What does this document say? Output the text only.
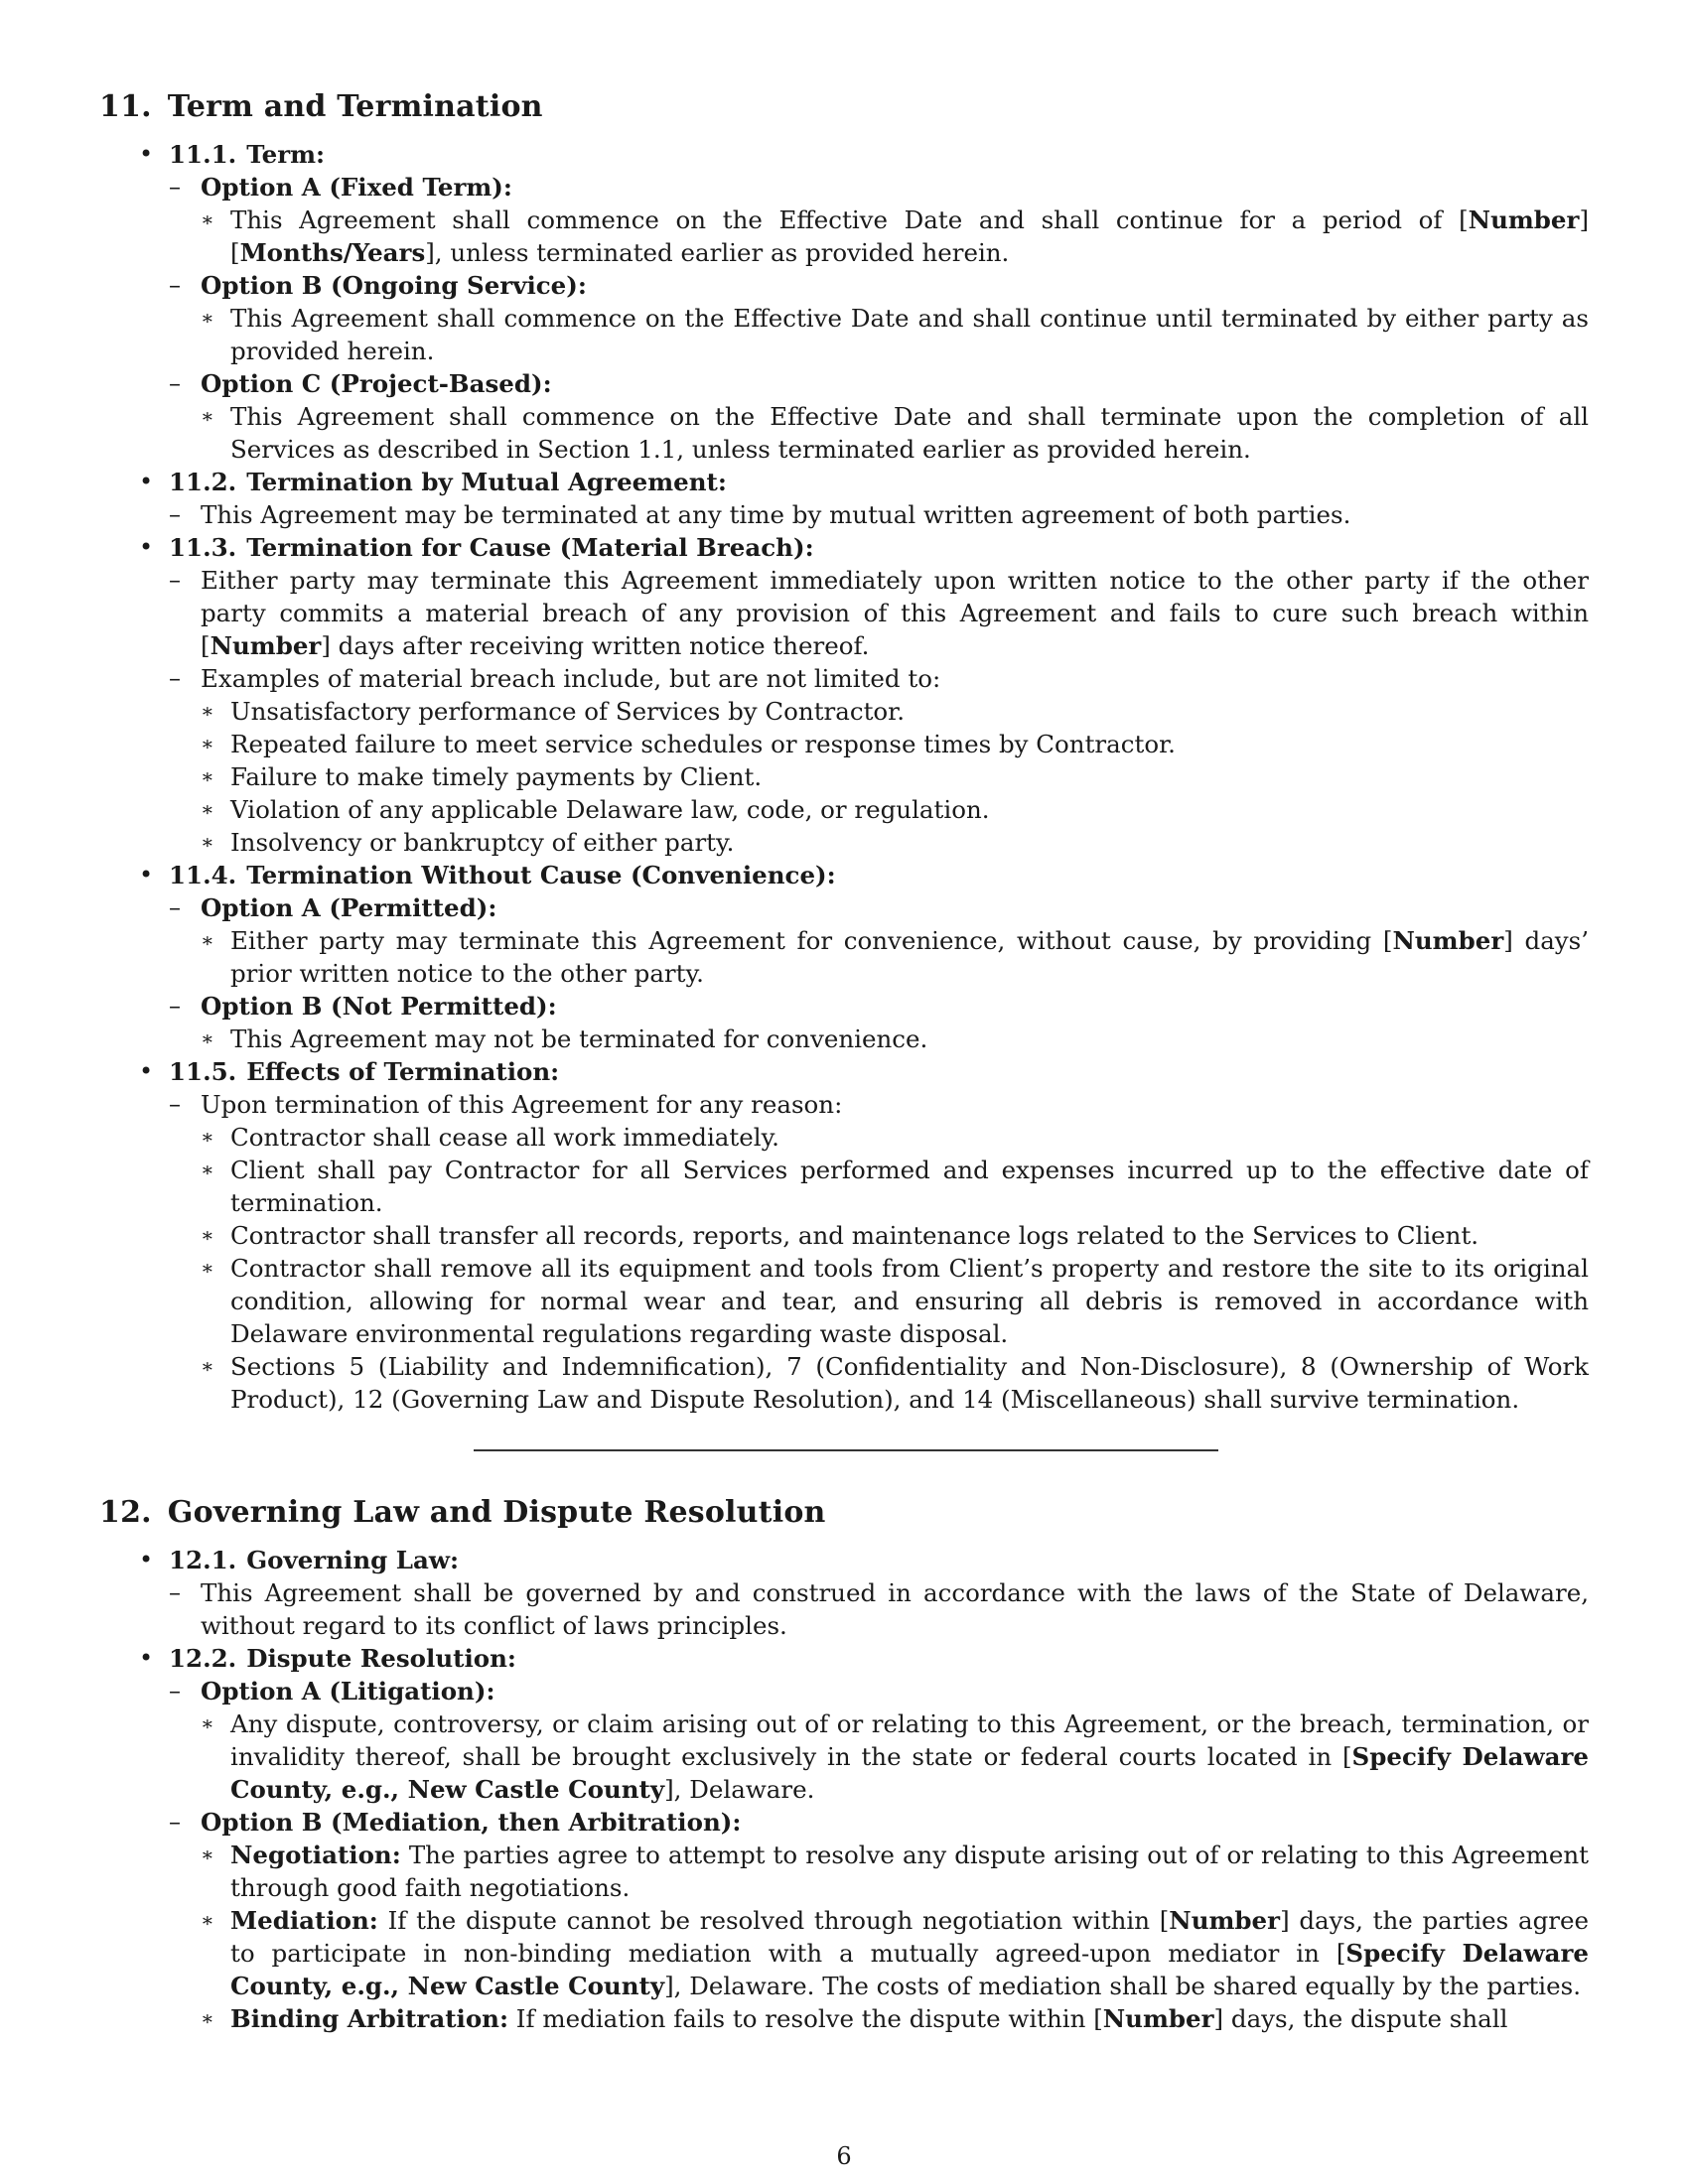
11. Term and Termination
• 11.1. Term:
– Option A (Fixed Term):
∗ This Agreement shall commence on the Effective Date and shall continue for a period of [Number] [Months/Years], unless terminated earlier as provided herein.
– Option B (Ongoing Service):
∗ This Agreement shall commence on the Effective Date and shall continue until terminated by either party as provided herein.
– Option C (Project-Based):
∗ This Agreement shall commence on the Effective Date and shall terminate upon the completion of all Services as described in Section 1.1, unless terminated earlier as provided herein.
• 11.2. Termination by Mutual Agreement:
– This Agreement may be terminated at any time by mutual written agreement of both parties.
• 11.3. Termination for Cause (Material Breach):
– Either party may terminate this Agreement immediately upon written notice to the other party if the other party commits a material breach of any provision of this Agreement and fails to cure such breach within [Number] days after receiving written notice thereof.
– Examples of material breach include, but are not limited to:
∗ Unsatisfactory performance of Services by Contractor.
∗ Repeated failure to meet service schedules or response times by Contractor.
∗ Failure to make timely payments by Client.
∗ Violation of any applicable Delaware law, code, or regulation.
∗ Insolvency or bankruptcy of either party.
• 11.4. Termination Without Cause (Convenience):
– Option A (Permitted):
∗ Either party may terminate this Agreement for convenience, without cause, by providing [Number] days’ prior written notice to the other party.
– Option B (Not Permitted):
∗ This Agreement may not be terminated for convenience.
• 11.5. Effects of Termination:
– Upon termination of this Agreement for any reason:
∗ Contractor shall cease all work immediately.
∗ Client shall pay Contractor for all Services performed and expenses incurred up to the effective date of termination.
∗ Contractor shall transfer all records, reports, and maintenance logs related to the Services to Client.
∗ Contractor shall remove all its equipment and tools from Client’s property and restore the site to its original condition, allowing for normal wear and tear, and ensuring all debris is removed in accordance with Delaware environmental regulations regarding waste disposal.
∗ Sections 5 (Liability and Indemnification), 7 (Confidentiality and Non-Disclosure), 8 (Ownership of Work Product), 12 (Governing Law and Dispute Resolution), and 14 (Miscellaneous) shall survive termination.
12. Governing Law and Dispute Resolution
• 12.1. Governing Law:
– This Agreement shall be governed by and construed in accordance with the laws of the State of Delaware, without regard to its conflict of laws principles.
• 12.2. Dispute Resolution:
– Option A (Litigation):
∗ Any dispute, controversy, or claim arising out of or relating to this Agreement, or the breach, termination, or invalidity thereof, shall be brought exclusively in the state or federal courts located in [Specify Delaware County, e.g., New Castle County], Delaware.
– Option B (Mediation, then Arbitration):
∗ Negotiation: The parties agree to attempt to resolve any dispute arising out of or relating to this Agreement through good faith negotiations.
∗ Mediation: If the dispute cannot be resolved through negotiation within [Number] days, the parties agree to participate in non-binding mediation with a mutually agreed-upon mediator in [Specify Delaware County, e.g., New Castle County], Delaware. The costs of mediation shall be shared equally by the parties.
∗ Binding Arbitration: If mediation fails to resolve the dispute within [Number] days, the dispute shall
6
